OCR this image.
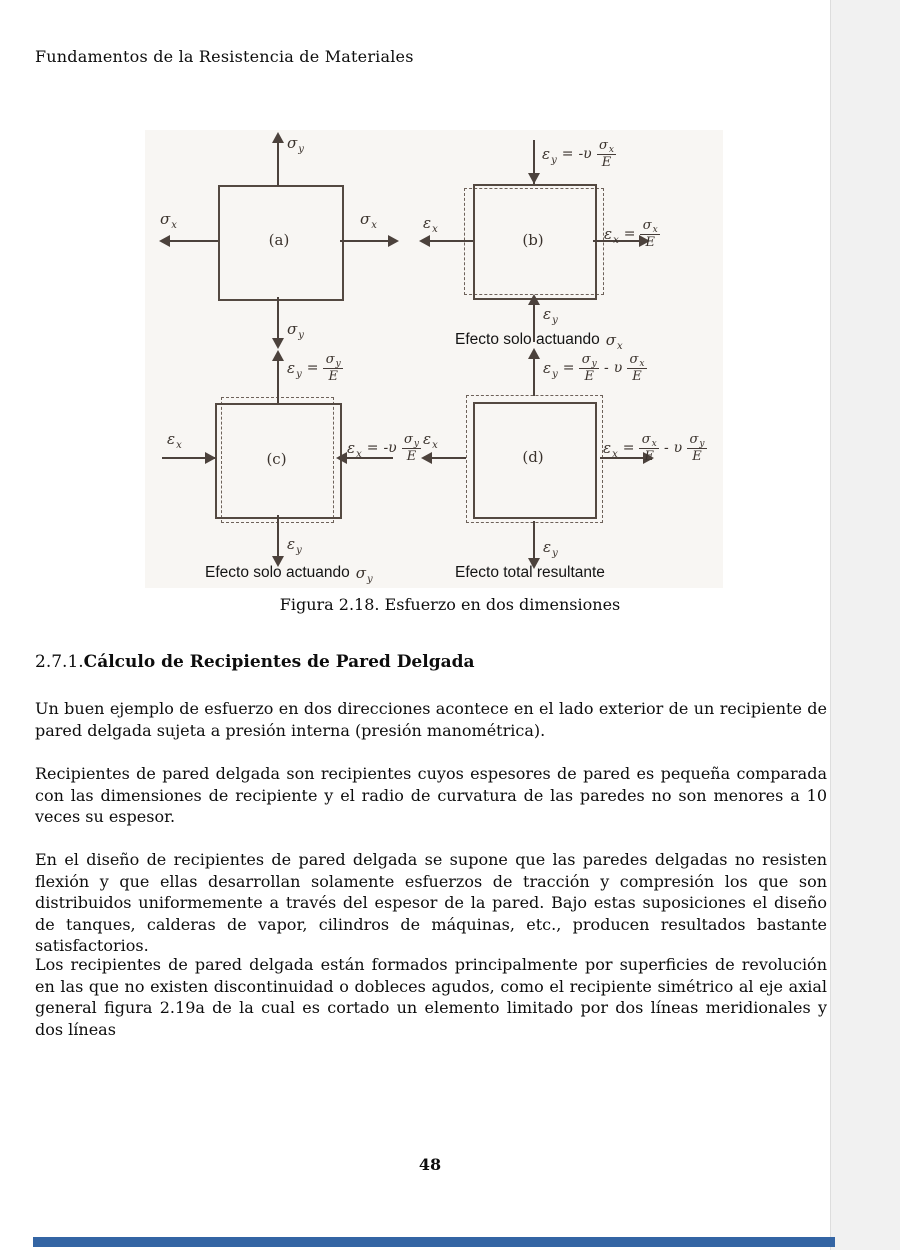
Fundamentos de la Resistencia de Materiales
(a)
$\sigma_y$
$\sigma_y$
$\sigma_x$	$\sigma_x$
(b)
$\varepsilon_y = -\upsilon \frac{\sigma_x}{E}$
$\varepsilon_y$
$\varepsilon_x$	$\varepsilon_x = \frac{\sigma_x}{E}$
Efecto solo actuando $\sigma_x$
(c)
$\varepsilon_y = \frac{\sigma_y}{E}$
$\varepsilon_y$
$\varepsilon_x$	$\varepsilon_x = -\upsilon \frac{\sigma_y}{E}$
Efecto solo actuando $\sigma_y$
(d)
$\varepsilon_y = \frac{\sigma_y}{E} - \upsilon \frac{\sigma_x}{E}$
$\varepsilon_y$
$\varepsilon_x$	$\varepsilon_x = \frac{\sigma_x}{E} - \upsilon \frac{\sigma_y}{E}$
Efecto total resultante
Figura 2.18. Esfuerzo en dos dimensiones
2.7.1.Cálculo de Recipientes de Pared Delgada
Un buen ejemplo de esfuerzo en dos direcciones acontece en el lado exterior de un recipiente de pared delgada sujeta a presión interna (presión manométrica).
Recipientes de pared delgada son recipientes cuyos espesores de pared es pequeña comparada con las dimensiones de recipiente y el radio de curvatura de las paredes no son menores a 10 veces su espesor.
En el diseño de recipientes de pared delgada se supone que las paredes delgadas no resisten flexión y que ellas desarrollan solamente esfuerzos de tracción y compresión los que son distribuidos uniformemente a través del espesor de la pared. Bajo estas suposiciones el diseño de tanques, calderas de vapor, cilindros de máquinas, etc., producen resultados bastante satisfactorios.
Los recipientes de pared delgada están formados principalmente por superficies de revolución en las que no existen discontinuidad o dobleces agudos, como el recipiente simétrico al eje axial general figura 2.19a de la cual es cortado un elemento limitado por dos líneas meridionales y dos líneas
48
